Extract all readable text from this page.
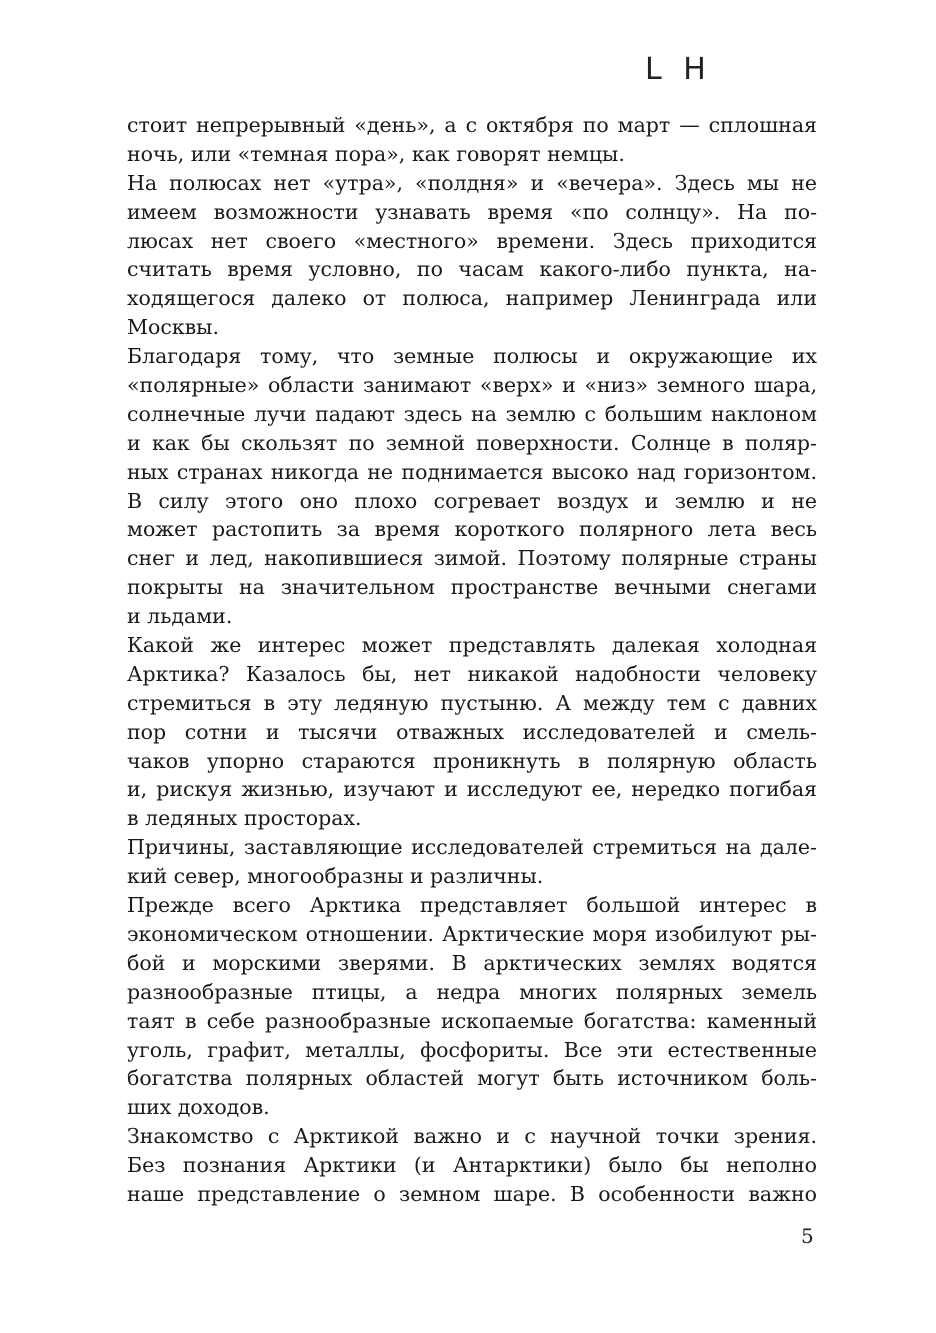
L H
стоит непрерывный «день», а с октября по март — сплошная
ночь, или «темная пора», как говорят немцы.
На полюсах нет «утра», «полдня» и «вечера». Здесь мы не
имеем возможности узнавать время «по солнцу». На по-
люсах нет своего «местного» времени. Здесь приходится
считать время условно, по часам какого-либо пункта, на-
ходящегося далеко от полюса, например Ленинграда или
Москвы.
Благодаря тому, что земные полюсы и окружающие их
«полярные» области занимают «верх» и «низ» земного шара,
солнечные лучи падают здесь на землю с большим наклоном
и как бы скользят по земной поверхности. Солнце в поляр-
ных странах никогда не поднимается высоко над горизонтом.
В силу этого оно плохо согревает воздух и землю и не
может растопить за время короткого полярного лета весь
снег и лед, накопившиеся зимой. Поэтому полярные страны
покрыты на значительном пространстве вечными снегами
и льдами.
Какой же интерес может представлять далекая холодная
Арктика? Казалось бы, нет никакой надобности человеку
стремиться в эту ледяную пустыню. А между тем с давних
пор сотни и тысячи отважных исследователей и смель-
чаков упорно стараются проникнуть в полярную область
и, рискуя жизнью, изучают и исследуют ее, нередко погибая
в ледяных просторах.
Причины, заставляющие исследователей стремиться на дале-
кий север, многообразны и различны.
Прежде всего Арктика представляет большой интерес в
экономическом отношении. Арктические моря изобилуют ры-
бой и морскими зверями. В арктических землях водятся
разнообразные птицы, а недра многих полярных земель
таят в себе разнообразные ископаемые богатства: каменный
уголь, графит, металлы, фосфориты. Все эти естественные
богатства полярных областей могут быть источником боль-
ших доходов.
Знакомство с Арктикой важно и с научной точки зрения.
Без познания Арктики (и Антарктики) было бы неполно
наше представление о земном шаре. В особенности важно
5
